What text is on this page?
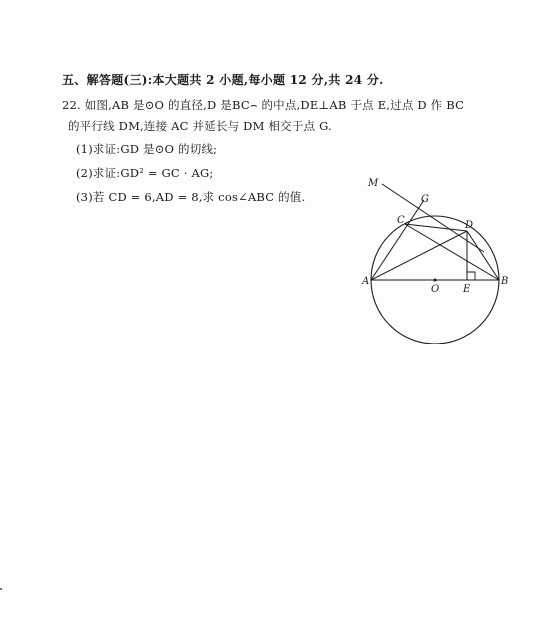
五、解答题(三):本大题共 2 小题,每小题 12 分,共 24 分.
22. 如图,AB 是⊙O 的直径,D 是BC⌢ 的中点,DE⊥AB 于点 E,过点 D 作 BC
的平行线 DM,连接 AC 并延长与 DM 相交于点 G.
(1)求证:GD 是⊙O 的切线;
(2)求证:GD² = GC · AG;
(3)若 CD = 6,AD = 8,求 cos∠ABC 的值.
M
G
C	D
A
O E
B
